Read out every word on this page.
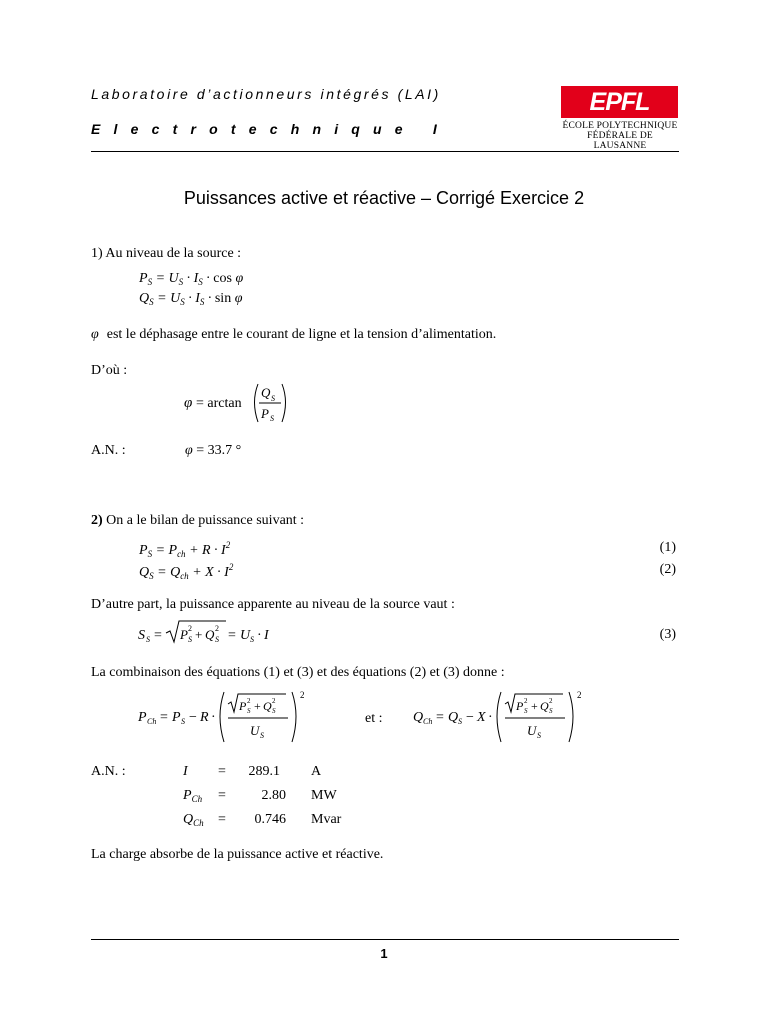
Laboratoire d’actionneurs intégrés (LAI)
Electrotechnique I
EPFL
ÉCOLE POLYTECHNIQUE
FÉDÉRALE DE LAUSANNE
Puissances active et réactive – Corrigé Exercice 2
1) Au niveau de la source :
$P_S = U_S \cdot I_S \cdot \cos \varphi$
$Q_S = U_S \cdot I_S \cdot \sin \varphi$
φ est le déphasage entre le courant de ligne et la tension d’alimentation.
D’où :
φ = arctan
Q S
P S
A.N. :	φ = 33.7 °
2) On a le bilan de puissance suivant :
$P_S = P_{ch} + R \cdot I^2$	(1)
$Q_S = Q_{ch} + X \cdot I^2$	(2)
D’autre part, la puissance apparente au niveau de la source vaut :
S S = P 2
S + Q 2
S = U S · I	(3)
La combinaison des équations (1) et (3) et des équations (2) et (3) donne :
P Ch = P S − R ·
P 2
S + Q 2
S
U S
2
et : Q Ch = Q S − X ·
P 2
S + Q 2
S
U S
2
A.N. :	I =	289.1 A
$P_{Ch}$ =	2.80 MW
$Q_{Ch}$ =	0.746 Mvar
La charge absorbe de la puissance active et réactive.
1
